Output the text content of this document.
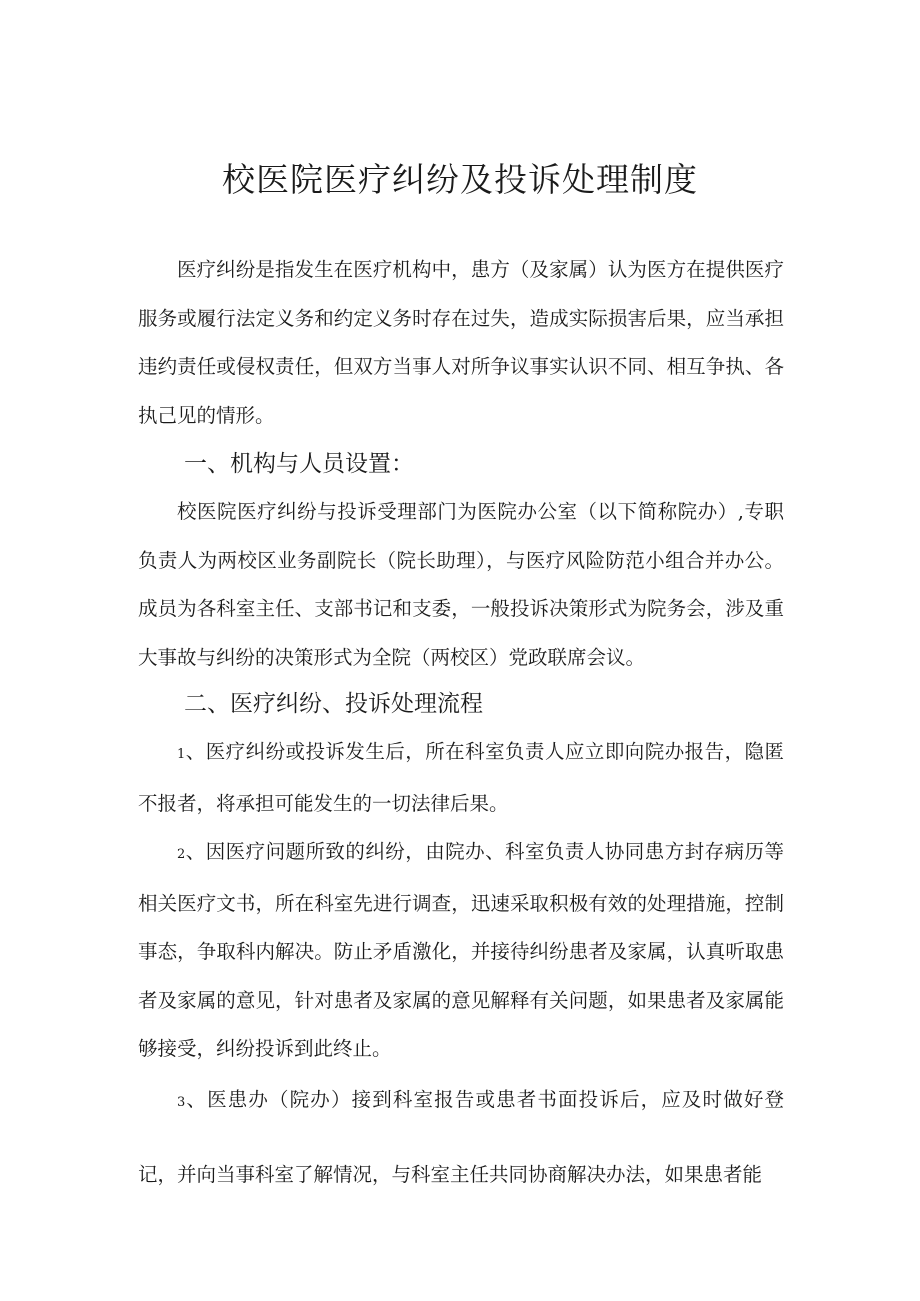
校医院医疗纠纷及投诉处理制度

医疗纠纷是指发生在医疗机构中，患方（及家属）认为医方在提供医疗服务或履行法定义务和约定义务时存在过失，造成实际损害后果，应当承担违约责任或侵权责任，但双方当事人对所争议事实认识不同、相互争执、各执己见的情形。

一、机构与人员设置：

校医院医疗纠纷与投诉受理部门为医院办公室（以下简称院办）,专职负责人为两校区业务副院长（院长助理），与医疗风险防范小组合并办公。成员为各科室主任、支部书记和支委，一般投诉决策形式为院务会，涉及重大事故与纠纷的决策形式为全院（两校区）党政联席会议。

二、医疗纠纷、投诉处理流程

1、医疗纠纷或投诉发生后，所在科室负责人应立即向院办报告，隐匿不报者，将承担可能发生的一切法律后果。

2、因医疗问题所致的纠纷，由院办、科室负责人协同患方封存病历等相关医疗文书，所在科室先进行调查，迅速采取积极有效的处理措施，控制事态，争取科内解决。防止矛盾激化，并接待纠纷患者及家属，认真听取患者及家属的意见，针对患者及家属的意见解释有关问题，如果患者及家属能够接受，纠纷投诉到此终止。

3、医患办（院办）接到科室报告或患者书面投诉后，应及时做好登记，并向当事科室了解情况，与科室主任共同协商解决办法，如果患者能
